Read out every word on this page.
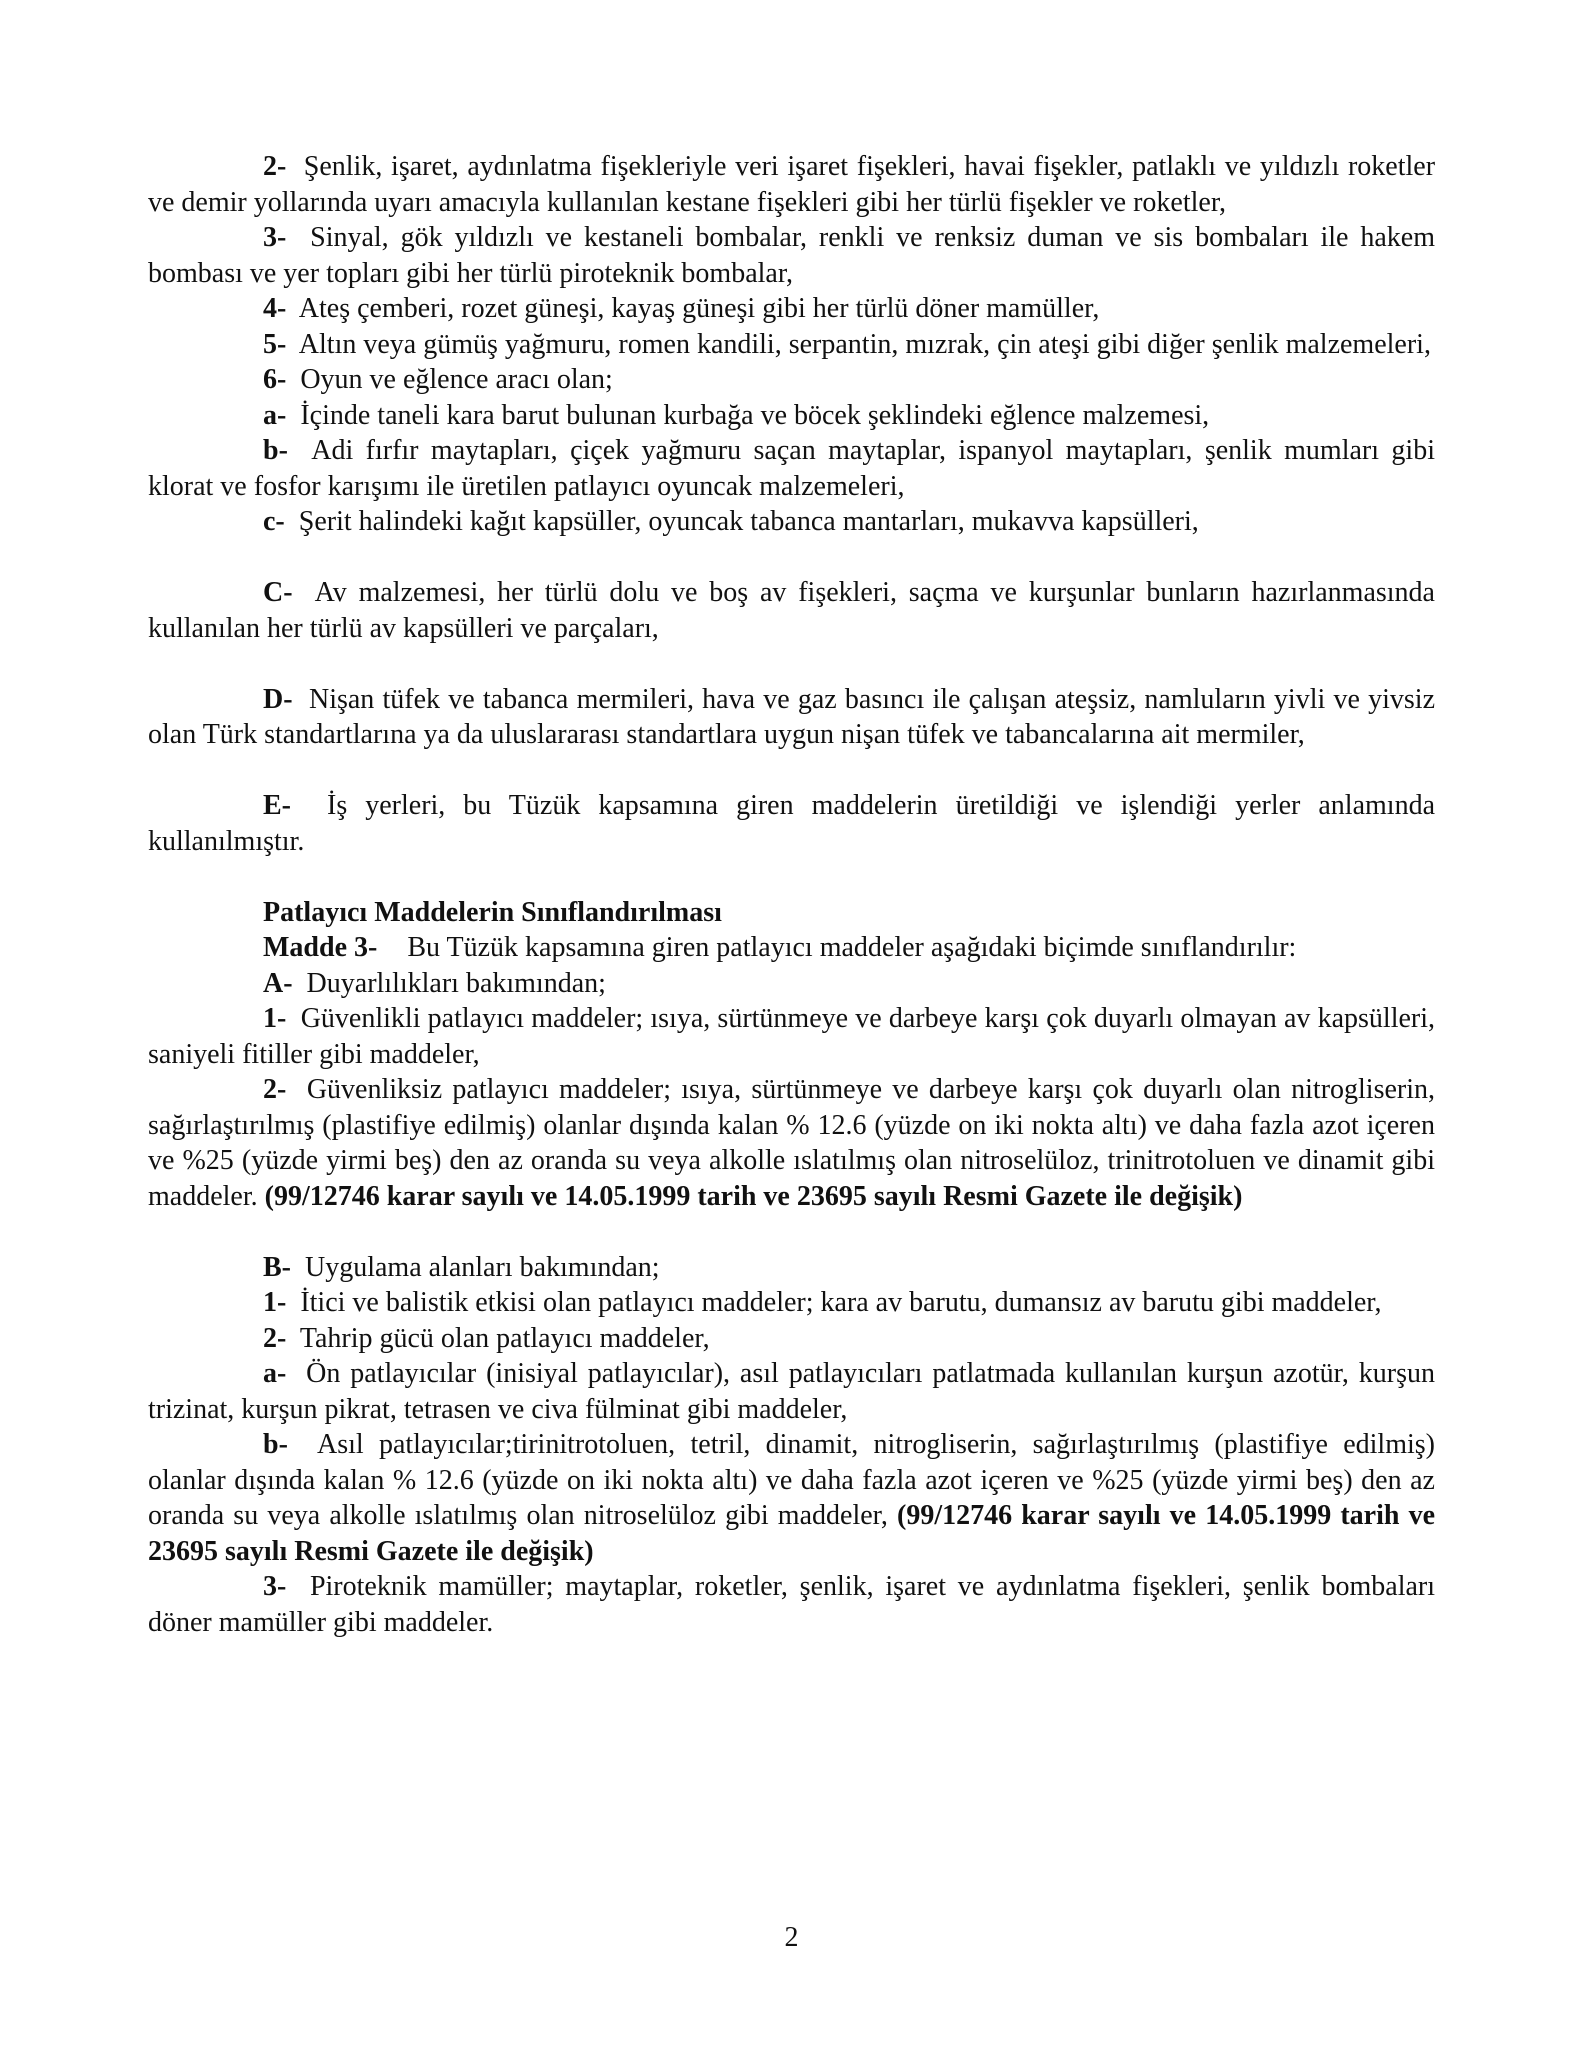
2- Şenlik, işaret, aydınlatma fişekleriyle veri işaret fişekleri, havai fişekler, patlaklı ve yıldızlı roketler ve demir yollarında uyarı amacıyla kullanılan kestane fişekleri gibi her türlü fişekler ve roketler,

3- Sinyal, gök yıldızlı ve kestaneli bombalar, renkli ve renksiz duman ve sis bombaları ile hakem bombası ve yer topları gibi her türlü piroteknik bombalar,

4- Ateş çemberi, rozet güneşi, kayaş güneşi gibi her türlü döner mamüller,

5- Altın veya gümüş yağmuru, romen kandili, serpantin, mızrak, çin ateşi gibi diğer şenlik malzemeleri,

6- Oyun ve eğlence aracı olan;

a- İçinde taneli kara barut bulunan kurbağa ve böcek şeklindeki eğlence malzemesi,

b- Adi fırfır maytapları, çiçek yağmuru saçan maytaplar, ispanyol maytapları, şenlik mumları gibi klorat ve fosfor karışımı ile üretilen patlayıcı oyuncak malzemeleri,

c- Şerit halindeki kağıt kapsüller, oyuncak tabanca mantarları, mukavva kapsülleri,

C- Av malzemesi, her türlü dolu ve boş av fişekleri, saçma ve kurşunlar bunların hazırlanmasında kullanılan her türlü av kapsülleri ve parçaları,

D- Nişan tüfek ve tabanca mermileri, hava ve gaz basıncı ile çalışan ateşsiz, namluların yivli ve yivsiz olan Türk standartlarına ya da uluslararası standartlara uygun nişan tüfek ve tabancalarına ait mermiler,

E- İş yerleri, bu Tüzük kapsamına giren maddelerin üretildiği ve işlendiği yerler anlamında kullanılmıştır.

Patlayıcı Maddelerin Sınıflandırılması

Madde 3- Bu Tüzük kapsamına giren patlayıcı maddeler aşağıdaki biçimde sınıflandırılır:

A- Duyarlılıkları bakımından;

1- Güvenlikli patlayıcı maddeler; ısıya, sürtünmeye ve darbeye karşı çok duyarlı olmayan av kapsülleri, saniyeli fitiller gibi maddeler,

2- Güvenliksiz patlayıcı maddeler; ısıya, sürtünmeye ve darbeye karşı çok duyarlı olan nitrogliserin, sağırlaştırılmış (plastifiye edilmiş) olanlar dışında kalan % 12.6 (yüzde on iki nokta altı) ve daha fazla azot içeren ve %25 (yüzde yirmi beş) den az oranda su veya alkolle ıslatılmış olan nitroselüloz, trinitrotoluen ve dinamit gibi maddeler. (99/12746 karar sayılı ve 14.05.1999 tarih ve 23695 sayılı Resmi Gazete ile değişik)

B- Uygulama alanları bakımından;

1- İtici ve balistik etkisi olan patlayıcı maddeler; kara av barutu, dumansız av barutu gibi maddeler,

2- Tahrip gücü olan patlayıcı maddeler,

a- Ön patlayıcılar (inisiyal patlayıcılar), asıl patlayıcıları patlatmada kullanılan kurşun azotür, kurşun trizinat, kurşun pikrat, tetrasen ve civa fülminat gibi maddeler,

b- Asıl patlayıcılar;tirinitrotoluen, tetril, dinamit, nitrogliserin, sağırlaştırılmış (plastifiye edilmiş) olanlar dışında kalan % 12.6 (yüzde on iki nokta altı) ve daha fazla azot içeren ve %25 (yüzde yirmi beş) den az oranda su veya alkolle ıslatılmış olan nitroselüloz gibi maddeler, (99/12746 karar sayılı ve 14.05.1999 tarih ve 23695 sayılı Resmi Gazete ile değişik)

3- Piroteknik mamüller; maytaplar, roketler, şenlik, işaret ve aydınlatma fişekleri, şenlik bombaları döner mamüller gibi maddeler.

2
